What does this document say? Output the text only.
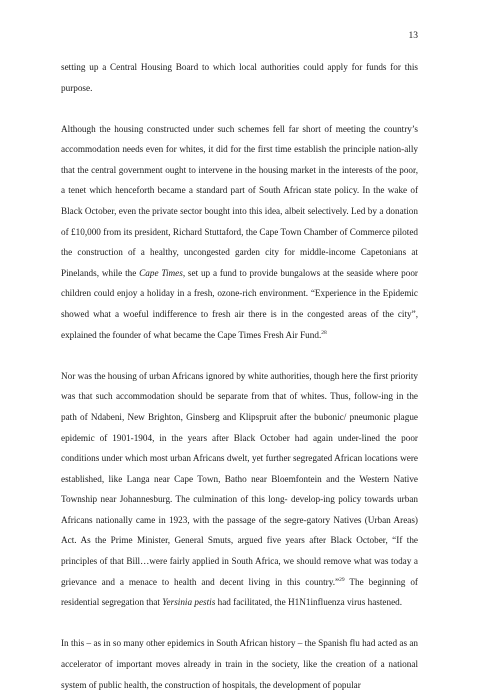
13

setting up a Central Housing Board to which local authorities could apply for funds for this purpose.

Although the housing constructed under such schemes fell far short of meeting the country’s accommodation needs even for whites, it did for the first time establish the principle nation-ally that the central government ought to intervene in the housing market in the interests of the poor, a tenet which henceforth became a standard part of South African state policy. In the wake of Black October, even the private sector bought into this idea, albeit selectively. Led by a donation of £10,000 from its president, Richard Stuttaford, the Cape Town Chamber of Commerce piloted the construction of a healthy, uncongested garden city for middle-income Capetonians at Pinelands, while the Cape Times, set up a fund to provide bungalows at the seaside where poor children could enjoy a holiday in a fresh, ozone-rich environment. “Experience in the Epidemic showed what a woeful indifference to fresh air there is in the congested areas of the city”, explained the founder of what became the Cape Times Fresh Air Fund.$^{28}$

Nor was the housing of urban Africans ignored by white authorities, though here the first priority was that such accommodation should be separate from that of whites. Thus, follow-ing in the path of Ndabeni, New Brighton, Ginsberg and Klipspruit after the bubonic/ pneumonic plague epidemic of 1901-1904, in the years after Black October had again under-lined the poor conditions under which most urban Africans dwelt, yet further segregated African locations were established, like Langa near Cape Town, Batho near Bloemfontein and the Western Native Township near Johannesburg. The culmination of this long- develop-ing policy towards urban Africans nationally came in 1923, with the passage of the segre-gatory Natives (Urban Areas) Act. As the Prime Minister, General Smuts, argued five years after Black October, “If the principles of that Bill…were fairly applied in South Africa, we should remove what was today a grievance and a menace to health and decent living in this country.”$^{29}$ The beginning of residential segregation that Yersinia pestis had facilitated, the H1N1influenza virus hastened.

In this – as in so many other epidemics in South African history – the Spanish flu had acted as an accelerator of important moves already in train in the society, like the creation of a national system of public health, the construction of hospitals, the development of popular
